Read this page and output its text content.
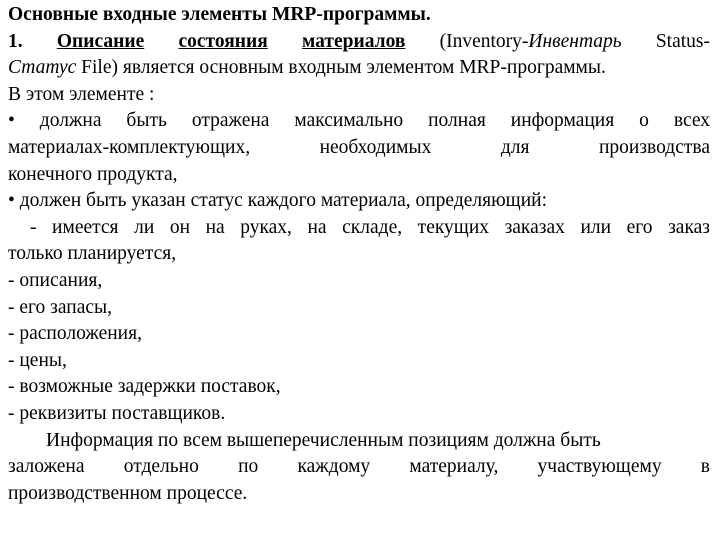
Основные входные элементы MRP-программы.
1. Описание состояния материалов (Inventory-Инвентарь Status-
Статус File) является основным входным элементом MRP-программы.
В этом элементе :
• должна быть отражена максимально полная информация о всех
материалах-комплектующих, необходимых для производства
конечного продукта,
• должен быть указан статус каждого материала, определяющий:
- имеется ли он на руках, на складе, текущих заказах или его заказ
только планируется,
- описания,
- его запасы,
- расположения,
- цены,
- возможные задержки поставок,
- реквизиты поставщиков.
Информация по всем вышеперечисленным позициям должна быть
заложена отдельно по каждому материалу, участвующему в
производственном процессе.
